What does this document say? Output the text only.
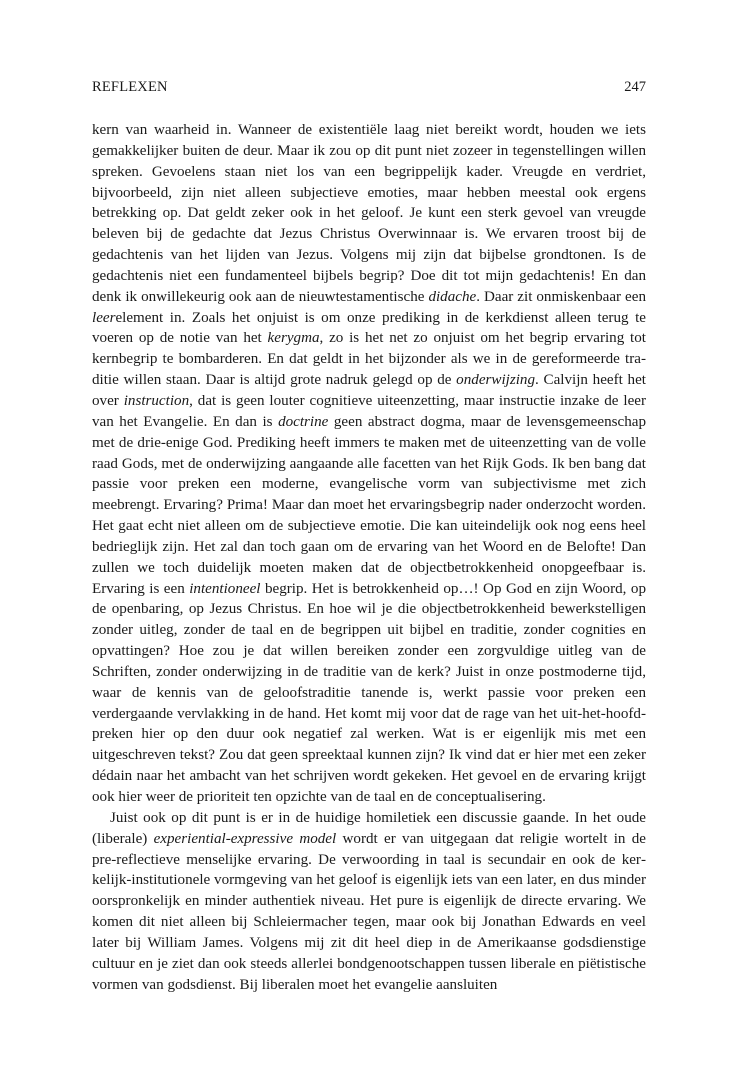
REFLEXEN	247

kern van waarheid in. Wanneer de existentiële laag niet bereikt wordt, houden we iets gemakkelijker buiten de deur. Maar ik zou op dit punt niet zozeer in tegenstellingen willen spreken. Gevoelens staan niet los van een begrippelijk kader. Vreugde en verdriet, bijvoorbeeld, zijn niet alleen subjectieve emoties, maar hebben meestal ook ergens betrekking op. Dat geldt zeker ook in het geloof. Je kunt een sterk gevoel van vreugde beleven bij de gedachte dat Jezus Christus Overwinnaar is. We ervaren troost bij de gedachtenis van het lijden van Jezus. Volgens mij zijn dat bijbelse grondtonen. Is de gedachtenis niet een fundamenteel bijbels begrip? Doe dit tot mijn gedachtenis! En dan denk ik onwillekeurig ook aan de nieuwtestamentische didache. Daar zit onmiskenbaar een leerelement in. Zoals het onjuist is om onze prediking in de kerkdienst alleen terug te voeren op de notie van het kerygma, zo is het net zo onjuist om het begrip ervaring tot kernbegrip te bombarderen. En dat geldt in het bijzonder als we in de gereformeerde traditie willen staan. Daar is altijd grote nadruk gelegd op de onderwijzing. Calvijn heeft het over instruction, dat is geen louter cognitieve uiteenzetting, maar instructie inzake de leer van het Evangelie. En dan is doctrine geen abstract dogma, maar de levensgemeenschap met de drie-enige God. Prediking heeft immers te maken met de uiteenzetting van de volle raad Gods, met de onderwijzing aangaande alle facetten van het Rijk Gods. Ik ben bang dat passie voor preken een moderne, evangelische vorm van subjectivisme met zich meebrengt. Ervaring? Prima! Maar dan moet het ervaringsbegrip nader onderzocht worden. Het gaat echt niet alleen om de subjectieve emotie. Die kan uiteindelijk ook nog eens heel bedrieglijk zijn. Het zal dan toch gaan om de ervaring van het Woord en de Belofte! Dan zullen we toch duidelijk moeten maken dat de objectbetrokkenheid onopgeefbaar is. Ervaring is een intentioneel begrip. Het is betrokkenheid op…! Op God en zijn Woord, op de openbaring, op Jezus Christus. En hoe wil je die objectbetrokkenheid bewerkstelligen zonder uitleg, zonder de taal en de begrippen uit bijbel en traditie, zonder cognities en opvattingen? Hoe zou je dat willen bereiken zonder een zorgvuldige uitleg van de Schriften, zonder onderwijzing in de traditie van de kerk? Juist in onze postmoderne tijd, waar de kennis van de geloofstraditie tanende is, werkt passie voor preken een verdergaande vervlakking in de hand. Het komt mij voor dat de rage van het uit-het-hoofd-preken hier op den duur ook negatief zal werken. Wat is er eigenlijk mis met een uitgeschreven tekst? Zou dat geen spreektaal kunnen zijn? Ik vind dat er hier met een zeker dédain naar het ambacht van het schrijven wordt gekeken. Het gevoel en de ervaring krijgt ook hier weer de prioriteit ten opzichte van de taal en de conceptualisering.

Juist ook op dit punt is er in de huidige homiletiek een discussie gaande. In het oude (liberale) experiential-expressive model wordt er van uitgegaan dat religie wortelt in de pre-reflectieve menselijke ervaring. De verwoording in taal is secundair en ook de kerkelijk-institutionele vormgeving van het geloof is eigenlijk iets van een later, en dus minder oorspronkelijk en minder authentiek niveau. Het pure is eigenlijk de directe ervaring. We komen dit niet alleen bij Schleiermacher tegen, maar ook bij Jonathan Edwards en veel later bij William James. Volgens mij zit dit heel diep in de Amerikaanse godsdienstige cultuur en je ziet dan ook steeds allerlei bondgenootschappen tussen liberale en piëtistische vormen van godsdienst. Bij liberalen moet het evangelie aansluiten
